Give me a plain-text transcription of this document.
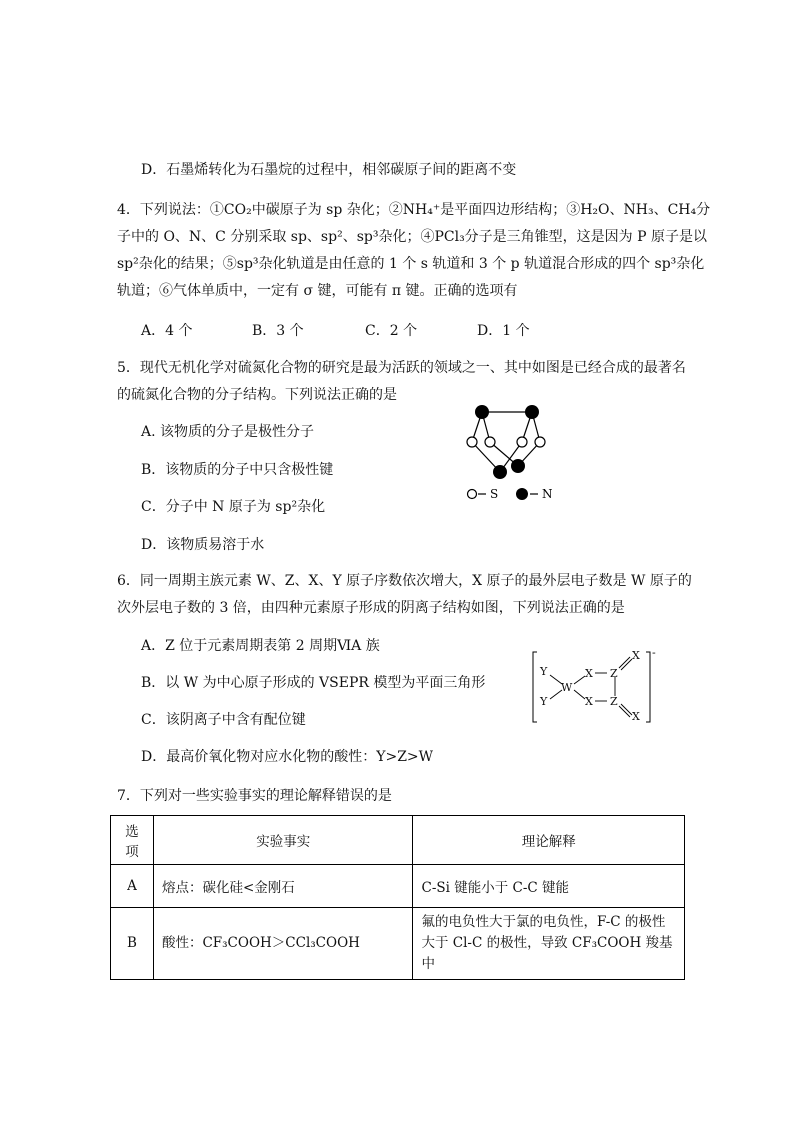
D．石墨烯转化为石墨烷的过程中，相邻碳原子间的距离不变
4．下列说法：①CO₂中碳原子为 sp 杂化；②NH₄⁺是平面四边形结构；③H₂O、NH₃、CH₄分
子中的 O、N、C 分别采取 sp、sp²、sp³杂化；④PCl₃分子是三角锥型，这是因为 P 原子是以
sp²杂化的结果；⑤sp³杂化轨道是由任意的 1 个 s 轨道和 3 个 p 轨道混合形成的四个 sp³杂化
轨道；⑥气体单质中，一定有 σ 键，可能有 π 键。正确的选项有
A．4 个	B．3 个	C．2 个	D．1 个
5．现代无机化学对硫氮化合物的研究是最为活跃的领域之一、其中如图是已经合成的最著名
的硫氮化合物的分子结构。下列说法正确的是
A. 该物质的分子是极性分子
B．该物质的分子中只含极性键
C．分子中 N 原子为 sp²杂化
D．该物质易溶于水
S	N
6．同一周期主族元素 W、Z、X、Y 原子序数依次增大，X 原子的最外层电子数是 W 原子的
次外层电子数的 3 倍，由四种元素原子形成的阴离子结构如图，下列说法正确的是
A．Z 位于元素周期表第 2 周期ⅥA 族
B．以 W 为中心原子形成的 VSEPR 模型为平面三角形
C．该阴离子中含有配位键
D．最高价氧化物对应水化物的酸性：Y>Z>W
Y
Y
W
X
X
Z
Z
X
X
-
7．下列对一些实验事实的理论解释错误的是
选项	实验事实	理论解释
A	熔点：碳化硅<金刚石	C-Si 键能小于 C-C 键能
B	酸性：CF₃COOH＞CCl₃COOH	氟的电负性大于氯的电负性，F-C 的极性
大于 Cl-C 的极性，导致 CF₃COOH 羧基中
